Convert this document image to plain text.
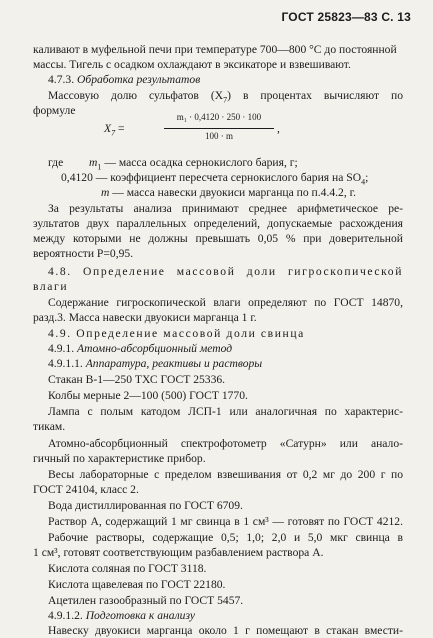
ГОСТ 25823—83 С. 13
каливают в муфельной печи при температуре 700—800 °С до постоянной
массы. Тигель с осадком охлаждают в эксикаторе и взвешивают.
4.7.3. Обработка результатов
Массовую долю сульфатов $(X_7)$ в процентах вычисляют по
формуле
$X_7$ =
m₁ · 0,4120 · 250 · 100
100 · m
,
где $m_1$ — масса осадка сернокислого бария, г;
0,4120 — коэффициент пересчета сернокислого бария на $SO_4$;
m — масса навески двуокиси марганца по п.4.4.2, г.
За результаты анализа принимают среднее арифметическое ре-
зультатов двух параллельных определений, допускаемые расхождения
между которыми не должны превышать 0,05 % при доверительной
вероятности P=0,95.
4.8. Определение массовой доли гигроскопической
влаги
Содержание гигроскопической влаги определяют по ГОСТ 14870,
разд.3. Масса навески двуокиси марганца 1 г.
4.9. Определение массовой доли свинца
4.9.1. Атомно-абсорбционный метод
4.9.1.1. Аппаратура, реактивы и растворы
Стакан В-1—250 ТХС ГОСТ 25336.
Колбы мерные 2—100 (500) ГОСТ 1770.
Лампа с полым катодом ЛСП-1 или аналогичная по характерис-
тикам.
Атомно-абсорбционный спектрофотометр «Сатурн» или анало-
гичный по характеристике прибор.
Весы лабораторные с пределом взвешивания от 0,2 мг до 200 г по
ГОСТ 24104, класс 2.
Вода дистиллированная по ГОСТ 6709.
Раствор А, содержащий 1 мг свинца в 1 см³ — готовят по ГОСТ 4212.
Рабочие растворы, содержащие 0,5; 1,0; 2,0 и 5,0 мкг свинца в
1 см³, готовят соответствующим разбавлением раствора А.
Кислота соляная по ГОСТ 3118.
Кислота щавелевая по ГОСТ 22180.
Ацетилен газообразный по ГОСТ 5457.
4.9.1.2. Подготовка к анализу
Навеску двуокиси марганца около 1 г помещают в стакан вмести-
